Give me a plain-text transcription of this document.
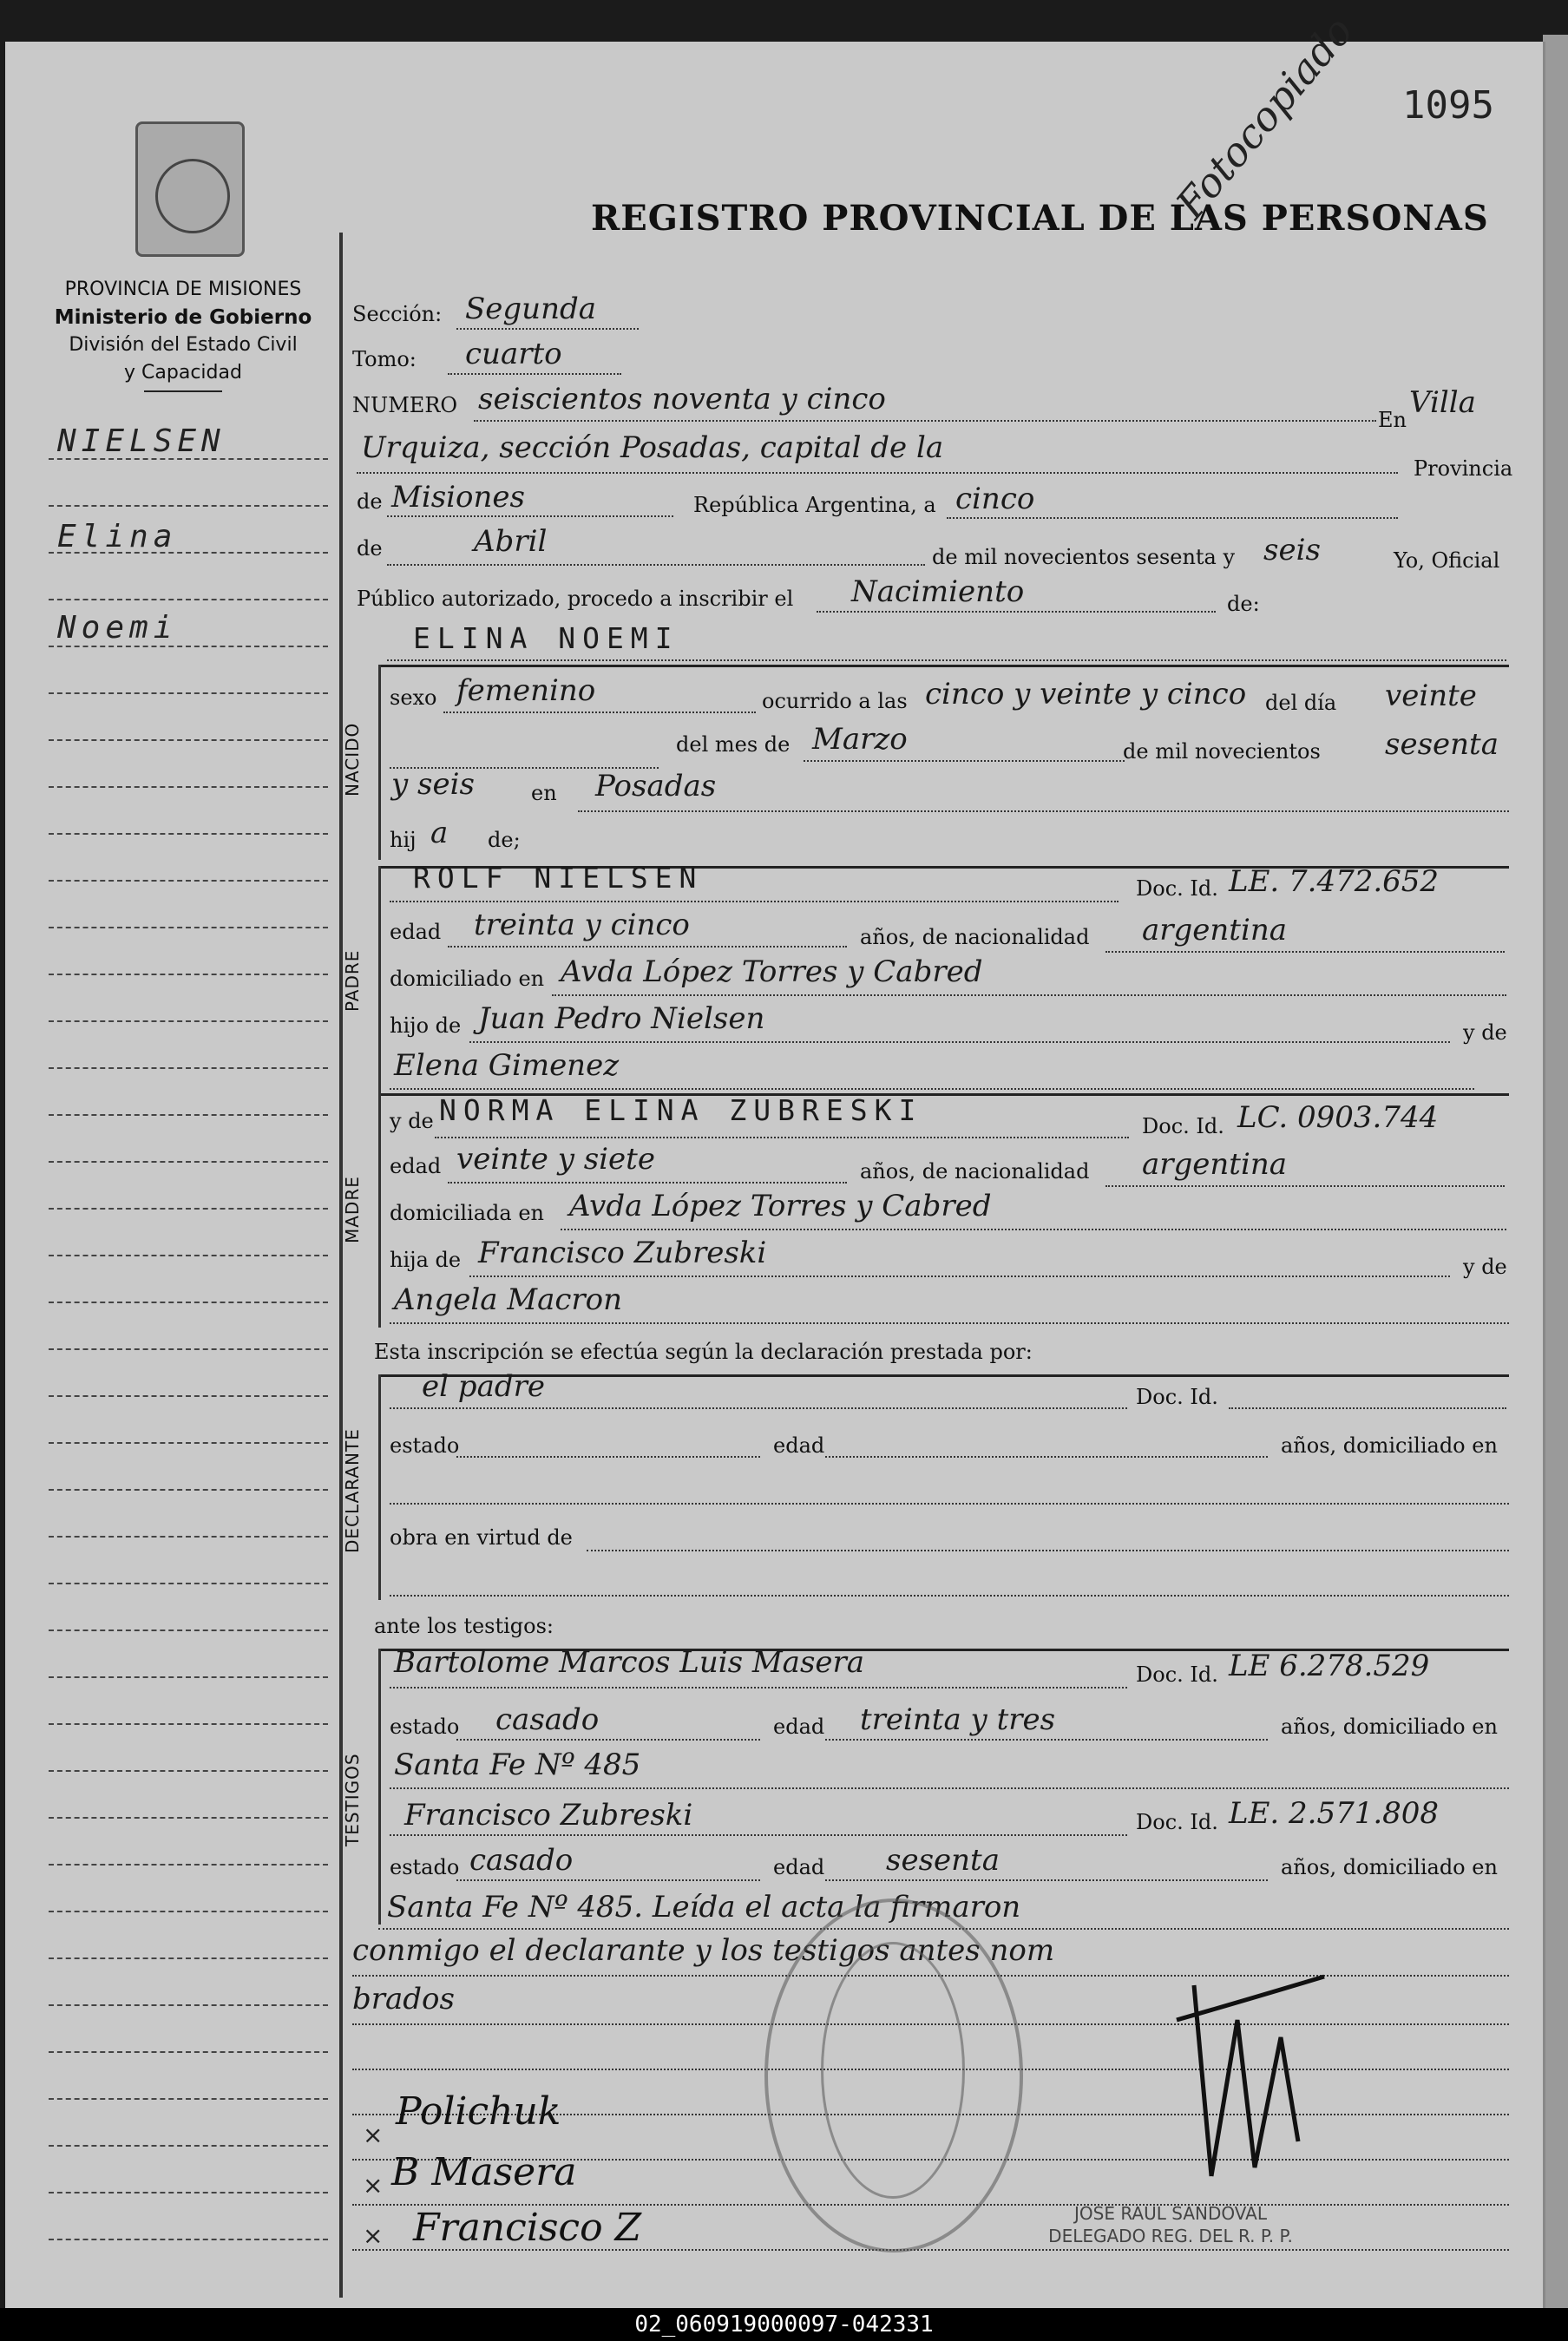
PROVINCIA DE MISIONES
Ministerio de Gobierno
División del Estado Civil
y Capacidad
NIELSEN
Elina
Noemi
1095
Fotocopiado
REGISTRO PROVINCIAL DE LAS PERSONAS
Sección: Segunda
Tomo: cuarto
NUMERO seiscientos noventa y cinco
En Villa
Urquiza, sección Posadas, capital de la
Provincia
de Misiones	República Argentina, a cinco
de	Abril	de mil novecientos sesenta y seis	Yo, Oficial
Público autorizado, procedo a inscribir el Nacimiento	de:
ELINA NOEMI
NACIDO
sexo femenino	ocurrido a las cinco y veinte y cinco del día veinte
del mes de Marzo	de mil novecientos sesenta
y seis	en Posadas
hij a de;
PADRE
ROLF NIELSEN	Doc. Id. LE. 7.472.652
edad treinta y cinco	años, de nacionalidad argentina
domiciliado en Avda López Torres y Cabred
hijo de Juan Pedro Nielsen	y de
Elena Gimenez
MADRE
y de NORMA ELINA ZUBRESKI	Doc. Id. LC. 0903.744
edad veinte y siete	años, de nacionalidad argentina
domiciliada en Avda López Torres y Cabred
hija de Francisco Zubreski	y de
Angela Macron
Esta inscripción se efectúa según la declaración prestada por:
DECLARANTE
el padre	Doc. Id.
estado	edad	años, domiciliado en
obra en virtud de
ante los testigos:
TESTIGOS
Bartolome Marcos Luis Masera	Doc. Id. LE 6.278.529
estado casado	edad treinta y tres	años, domiciliado en
Santa Fe Nº 485
Francisco Zubreski	Doc. Id. LE. 2.571.808
estado casado	edad sesenta	años, domiciliado en
Santa Fe Nº 485. Leída el acta la firmaron
conmigo el declarante y los testigos antes nom
brados
JOSE RAUL SANDOVAL
DELEGADO REG. DEL R. P. P.
×
×
×
Polichuk
B Masera
Francisco Z
02_060919000097-042331
